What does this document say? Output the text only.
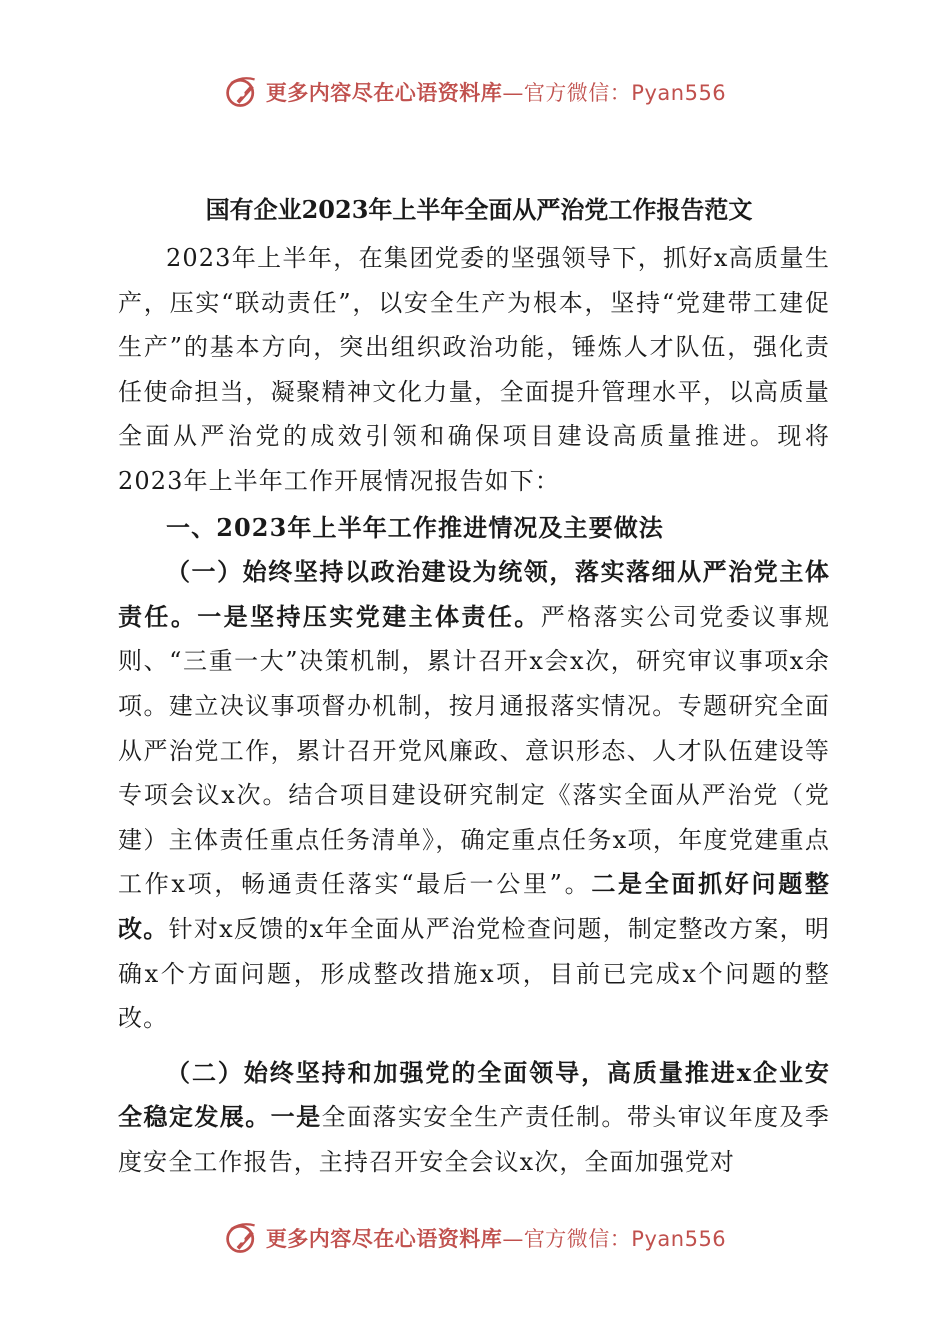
更多内容尽在心语资料库—官方微信：Pyan556
国有企业2023年上半年全面从严治党工作报告范文

2023年上半年，在集团党委的坚强领导下，抓好x高质量生产，压实“联动责任”，以安全生产为根本，坚持“党建带工建促生产”的基本方向，突出组织政治功能，锤炼人才队伍，强化责任使命担当，凝聚精神文化力量，全面提升管理水平，以高质量全面从严治党的成效引领和确保项目建设高质量推进。现将2023年上半年工作开展情况报告如下：

一、2023年上半年工作推进情况及主要做法

（一）始终坚持以政治建设为统领，落实落细从严治党主体责任。一是坚持压实党建主体责任。严格落实公司党委议事规则、“三重一大”决策机制，累计召开x会x次，研究审议事项x余项。建立决议事项督办机制，按月通报落实情况。专题研究全面从严治党工作，累计召开党风廉政、意识形态、人才队伍建设等专项会议x次。结合项目建设研究制定《落实全面从严治党（党建）主体责任重点任务清单》，确定重点任务x项，年度党建重点工作x项，畅通责任落实“最后一公里”。二是全面抓好问题整改。针对x反馈的x年全面从严治党检查问题，制定整改方案，明确x个方面问题，形成整改措施x项，目前已完成x个问题的整改。

（二）始终坚持和加强党的全面领导，高质量推进x企业安全稳定发展。一是全面落实安全生产责任制。带头审议年度及季度安全工作报告，主持召开安全会议x次，全面加强党对

更多内容尽在心语资料库—官方微信：Pyan556
